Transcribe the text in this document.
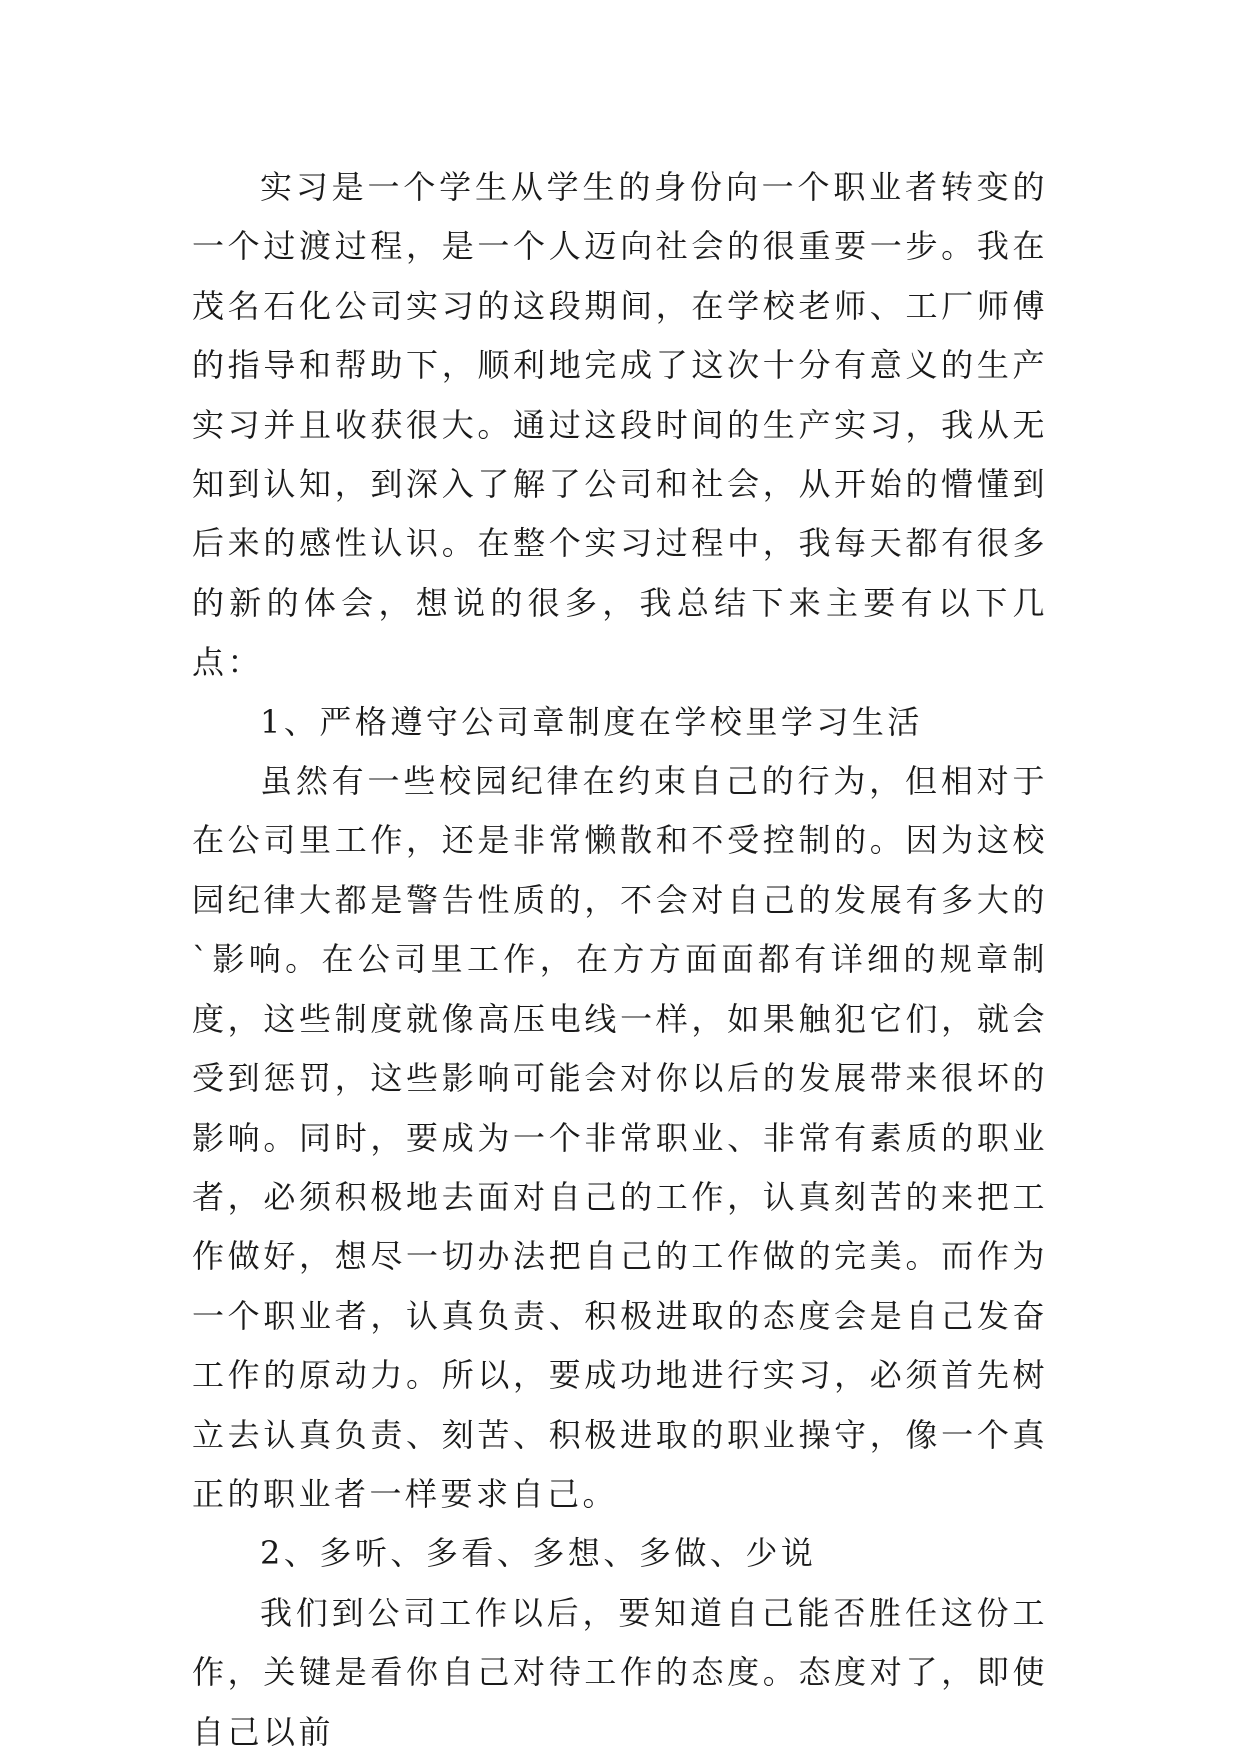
实习是一个学生从学生的身份向一个职业者转变的一个过渡过程，是一个人迈向社会的很重要一步。我在茂名石化公司实习的这段期间，在学校老师、工厂师傅的指导和帮助下，顺利地完成了这次十分有意义的生产实习并且收获很大。通过这段时间的生产实习，我从无知到认知，到深入了解了公司和社会，从开始的懵懂到后来的感性认识。在整个实习过程中，我每天都有很多的新的体会，想说的很多，我总结下来主要有以下几点：

1、严格遵守公司章制度在学校里学习生活

虽然有一些校园纪律在约束自己的行为，但相对于在公司里工作，还是非常懒散和不受控制的。因为这校园纪律大都是警告性质的，不会对自己的发展有多大的`影响。在公司里工作，在方方面面都有详细的规章制度，这些制度就像高压电线一样，如果触犯它们，就会受到惩罚，这些影响可能会对你以后的发展带来很坏的影响。同时，要成为一个非常职业、非常有素质的职业者，必须积极地去面对自己的工作，认真刻苦的来把工作做好，想尽一切办法把自己的工作做的完美。而作为一个职业者，认真负责、积极进取的态度会是自己发奋工作的原动力。所以，要成功地进行实习，必须首先树立去认真负责、刻苦、积极进取的职业操守，像一个真正的职业者一样要求自己。

2、多听、多看、多想、多做、少说

我们到公司工作以后，要知道自己能否胜任这份工作，关键是看你自己对待工作的态度。态度对了，即使自己以前
